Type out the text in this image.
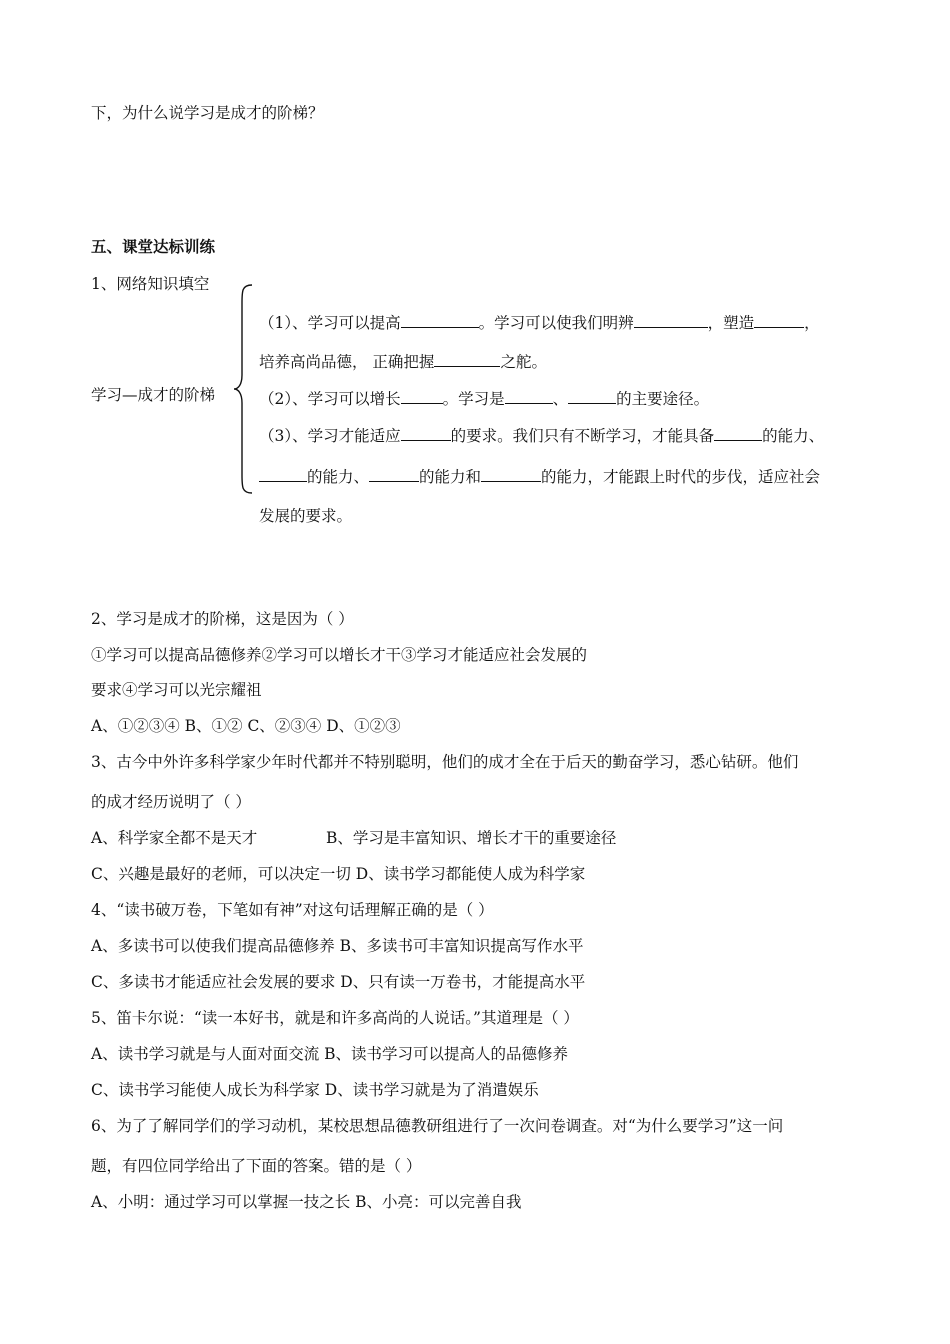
下，为什么说学习是成才的阶梯？
五、课堂达标训练
1、网络知识填空
学习—成才的阶梯
（1）、学习可以提高	。学习可以使我们明辨	，塑造	，
培养高尚品德， 正确把握	之舵。
（2）、学习可以增长	。学习是	、	的主要途径。
（3）、学习才能适应	的要求。我们只有不断学习，才能具备	的能力、
的能力、	的能力和	的能力，才能跟上时代的步伐，适应社会
发展的要求。
2、学习是成才的阶梯，这是因为（ ）
①学习可以提高品德修养②学习可以增长才干③学习才能适应社会发展的
要求④学习可以光宗耀祖
A、①②③④ B、①② C、②③④ D、①②③
3、古今中外许多科学家少年时代都并不特别聪明，他们的成才全在于后天的勤奋学习，悉心钻研。他们
的成才经历说明了（ ）
A、科学家全都不是天才	B、学习是丰富知识、增长才干的重要途径
C、兴趣是最好的老师，可以决定一切 D、读书学习都能使人成为科学家
4、“读书破万卷，下笔如有神”对这句话理解正确的是（ ）
A、多读书可以使我们提高品德修养 B、多读书可丰富知识提高写作水平
C、多读书才能适应社会发展的要求 D、只有读一万卷书，才能提高水平
5、笛卡尔说：“读一本好书，就是和许多高尚的人说话。”其道理是（ ）
A、读书学习就是与人面对面交流 B、读书学习可以提高人的品德修养
C、读书学习能使人成长为科学家 D、读书学习就是为了消遣娱乐
6、为了了解同学们的学习动机，某校思想品德教研组进行了一次问卷调查。对“为什么要学习”这一问
题，有四位同学给出了下面的答案。错的是（ ）
A、小明：通过学习可以掌握一技之长 B、小亮：可以完善自我
